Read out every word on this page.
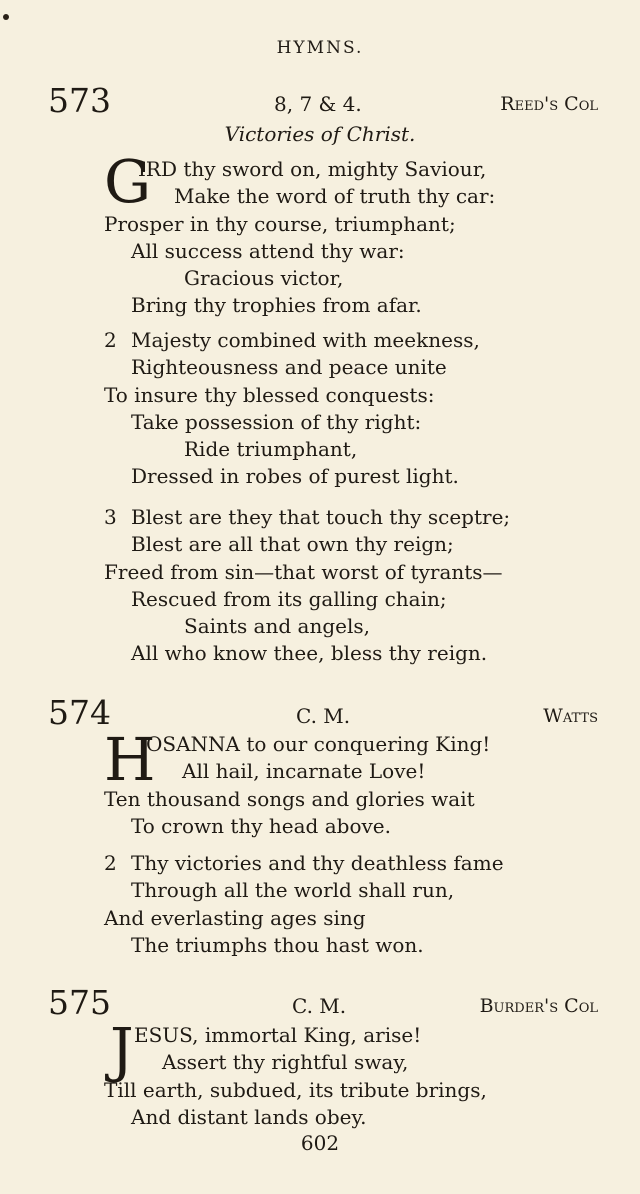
HYMNS.
573	8, 7 & 4.	Reed's Col
Victories of Christ.
G
IRD thy sword on, mighty Saviour,
Make the word of truth thy car:
Prosper in thy course, triumphant;
All success attend thy war:
Gracious victor,
Bring thy trophies from afar.
2 Majesty combined with meekness,
Righteousness and peace unite
To insure thy blessed conquests:
Take possession of thy right:
Ride triumphant,
Dressed in robes of purest light.
3 Blest are they that touch thy sceptre;
Blest are all that own thy reign;
Freed from sin—that worst of tyrants—
Rescued from its galling chain;
Saints and angels,
All who know thee, bless thy reign.
574	C. M.	Watts
H
OSANNA to our conquering King!
All hail, incarnate Love!
Ten thousand songs and glories wait
To crown thy head above.
2 Thy victories and thy deathless fame
Through all the world shall run,
And everlasting ages sing
The triumphs thou hast won.
575	C. M.	Burder's Col
J ESUS, immortal King, arise!
Assert thy rightful sway,
Till earth, subdued, its tribute brings,
And distant lands obey.
602
